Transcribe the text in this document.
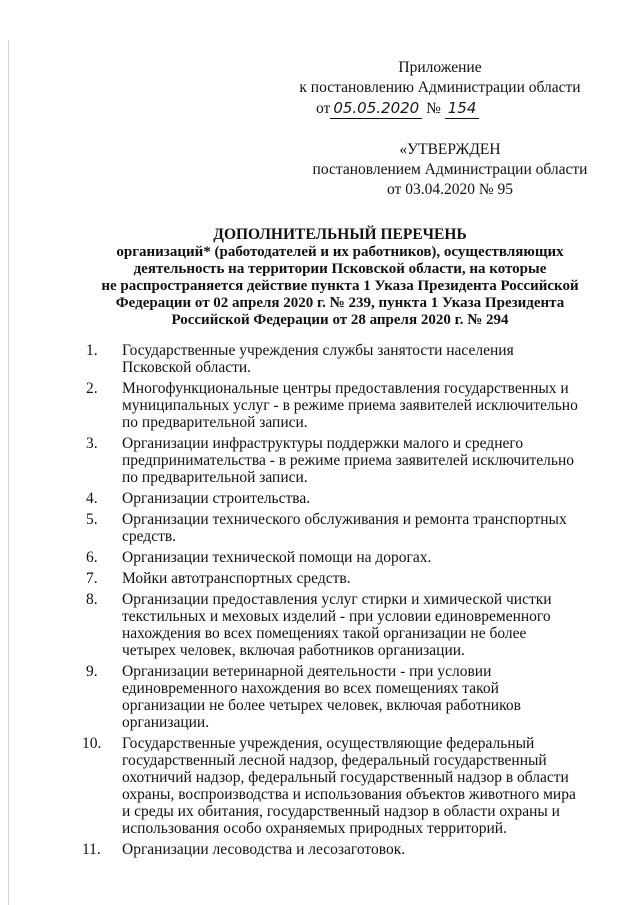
Приложение
к постановлению Администрации области
от 05.05.2020 № 154
«УТВЕРЖДЕН
постановлением Администрации области
от 03.04.2020 № 95
ДОПОЛНИТЕЛЬНЫЙ ПЕРЕЧЕНЬ
организаций* (работодателей и их работников), осуществляющих
деятельность на территории Псковской области, на которые
не распространяется действие пункта 1 Указа Президента Российской
Федерации от 02 апреля 2020 г. № 239, пункта 1 Указа Президента
Российской Федерации от 28 апреля 2020 г. № 294
1.	Государственные учреждения службы занятости населения
Псковской области.
2.	Многофункциональные центры предоставления государственных и
муниципальных услуг - в режиме приема заявителей исключительно
по предварительной записи.
3.	Организации инфраструктуры поддержки малого и среднего
предпринимательства - в режиме приема заявителей исключительно
по предварительной записи.
4.	Организации строительства.
5.	Организации технического обслуживания и ремонта транспортных
средств.
6.	Организации технической помощи на дорогах.
7.	Мойки автотранспортных средств.
8.	Организации предоставления услуг стирки и химической чистки
текстильных и меховых изделий - при условии единовременного
нахождения во всех помещениях такой организации не более
четырех человек, включая работников организации.
9.	Организации ветеринарной деятельности - при условии
единовременного нахождения во всех помещениях такой
организации не более четырех человек, включая работников
организации.
10.	Государственные учреждения, осуществляющие федеральный
государственный лесной надзор, федеральный государственный
охотничий надзор, федеральный государственный надзор в области
охраны, воспроизводства и использования объектов животного мира
и среды их обитания, государственный надзор в области охраны и
использования особо охраняемых природных территорий.
11.	Организации лесоводства и лесозаготовок.
